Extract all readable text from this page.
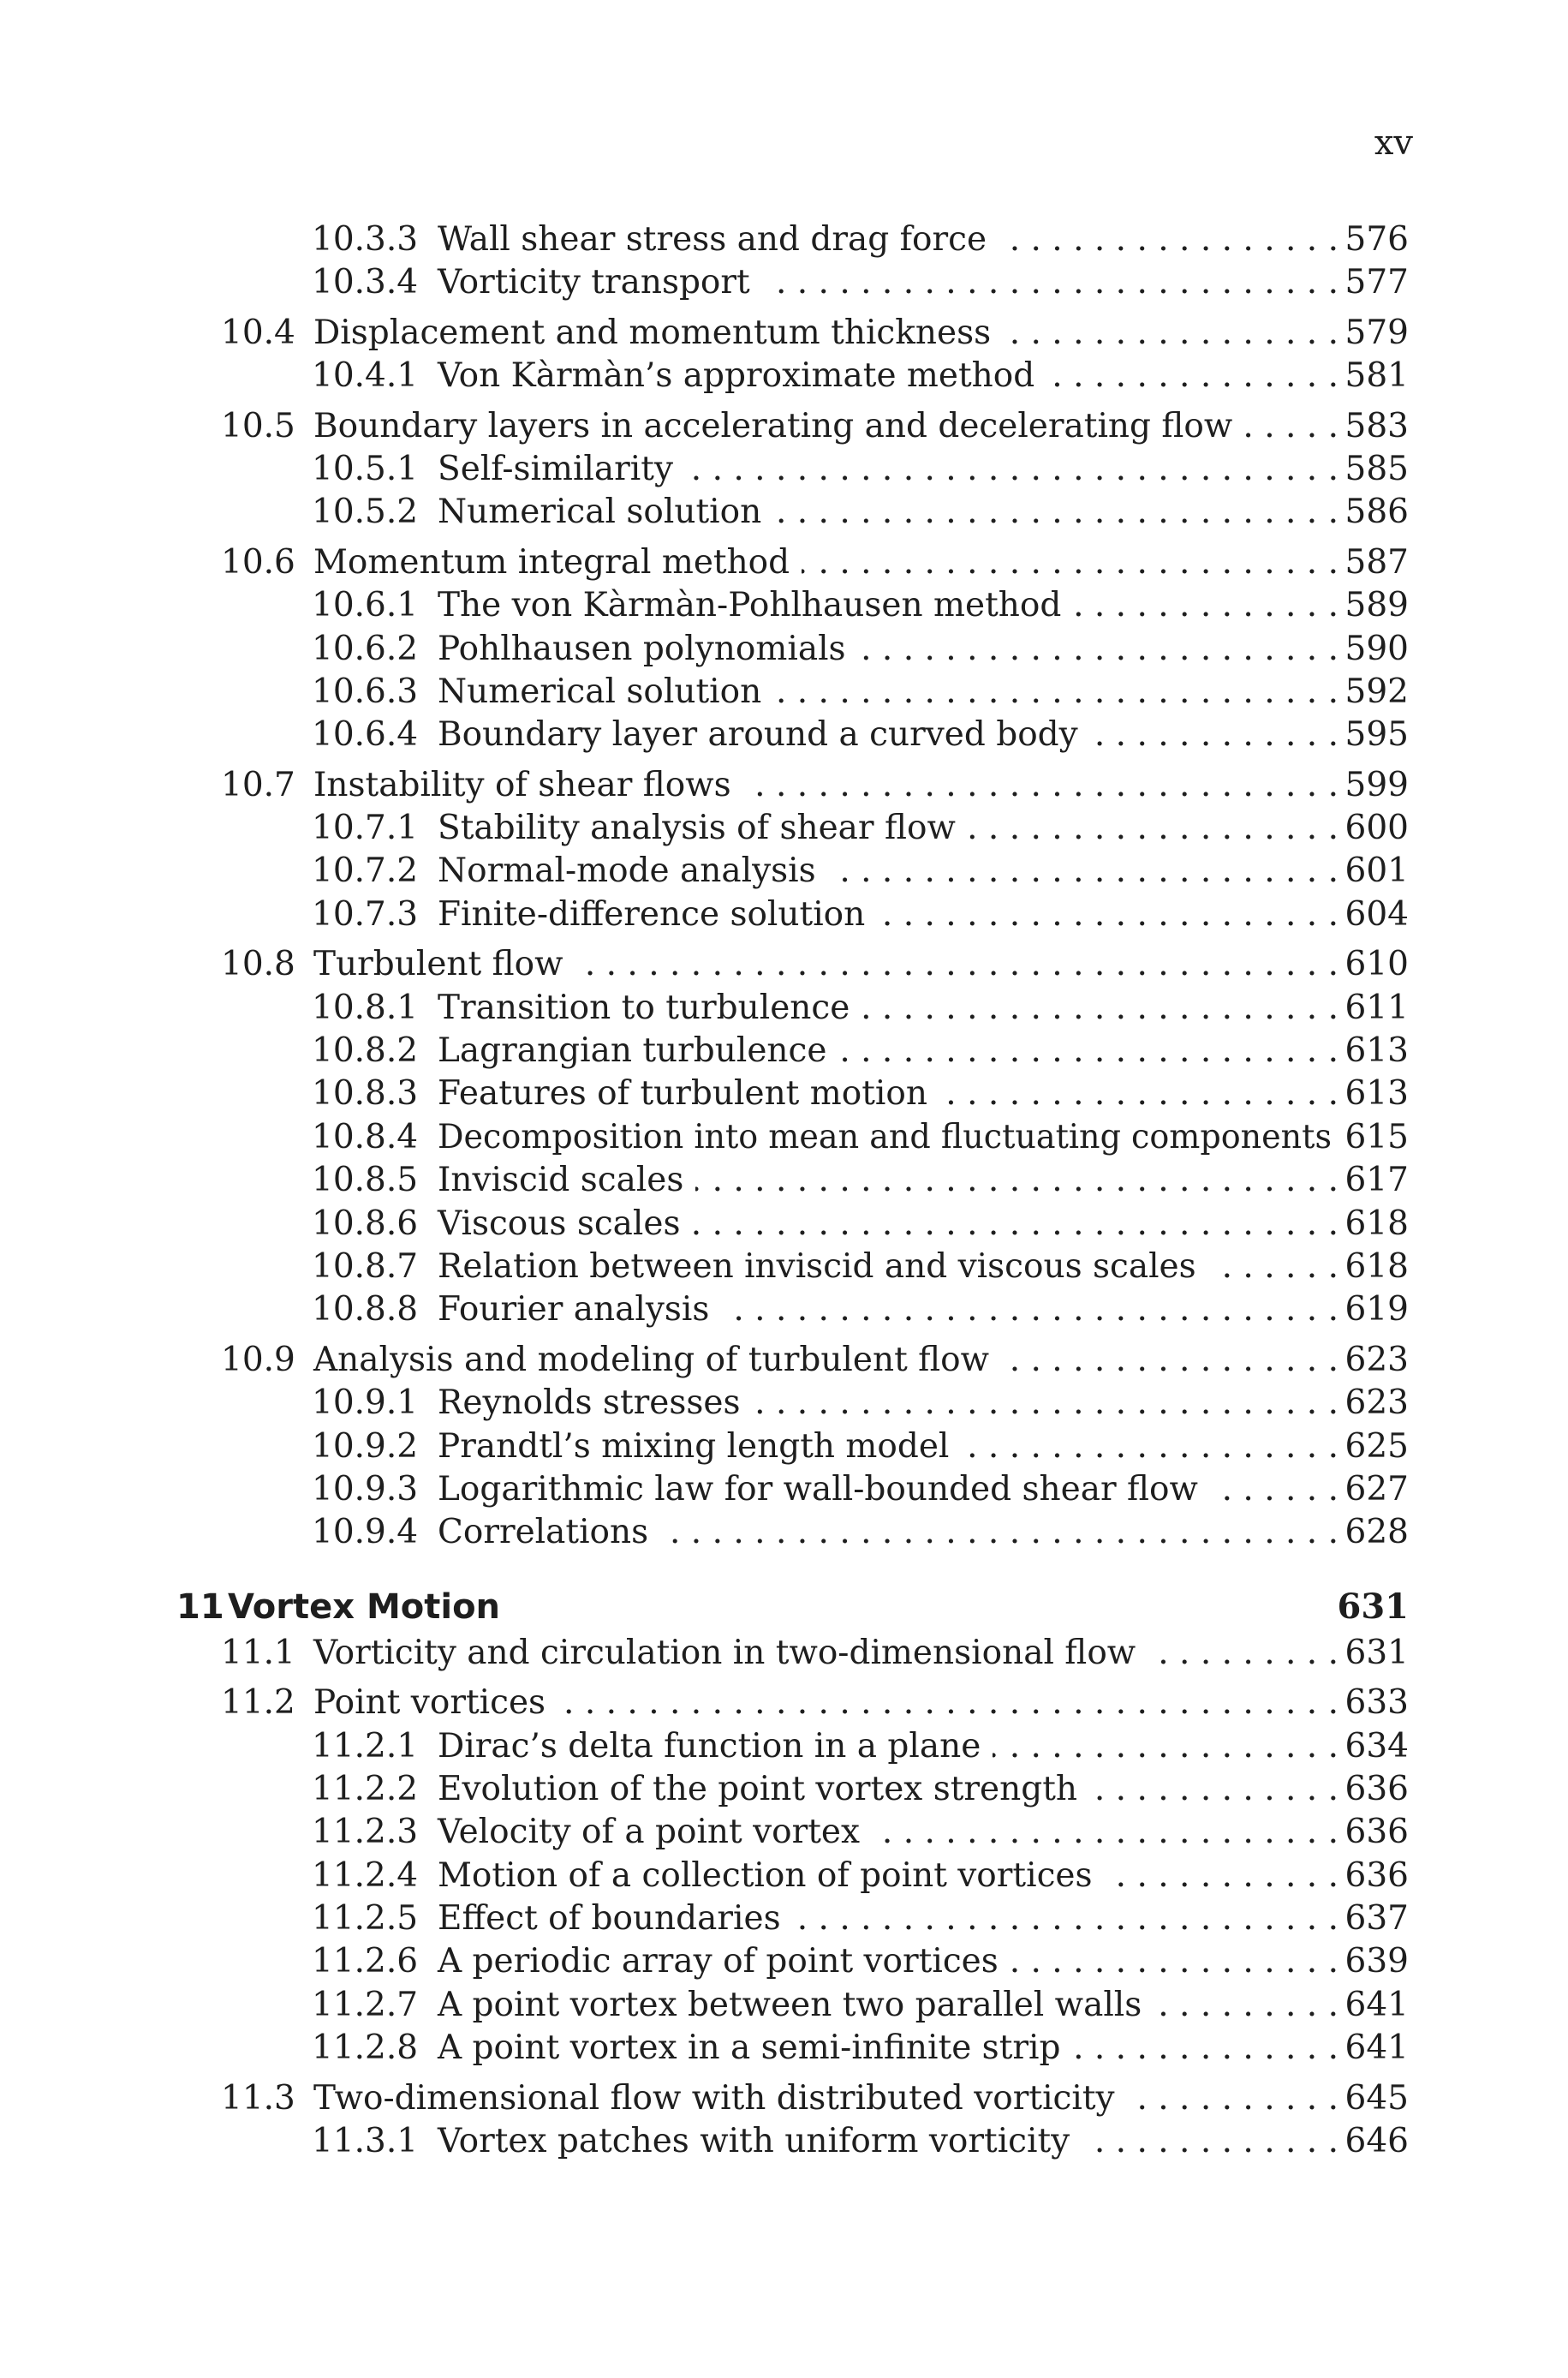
xv
10.3.3 Wall shear stress and drag force . . .	576
10.3.4 Vorticity transport . . .	577
10.4 Displacement and momentum thickness . . .	579
10.4.1 Von Kàrmàn’s approximate method . . .	581
10.5 Boundary layers in accelerating and decelerating flow . . .	583
10.5.1 Self-similarity . . .	585
10.5.2 Numerical solution . . .	586
10.6 Momentum integral method . . .	587
10.6.1 The von Kàrmàn-Pohlhausen method . . .	589
10.6.2 Pohlhausen polynomials . . .	590
10.6.3 Numerical solution . . .	592
10.6.4 Boundary layer around a curved body . . .	595
10.7 Instability of shear flows . . .	599
10.7.1 Stability analysis of shear flow . . .	600
10.7.2 Normal-mode analysis . . .	601
10.7.3 Finite-difference solution . . .	604
10.8 Turbulent flow . . .	610
10.8.1 Transition to turbulence . . .	611
10.8.2 Lagrangian turbulence . . .	613
10.8.3 Features of turbulent motion . . .	613
10.8.4 Decomposition into mean and fluctuating components 615
10.8.5 Inviscid scales . . .	617
10.8.6 Viscous scales . . .	618
10.8.7 Relation between inviscid and viscous scales . . .	618
10.8.8 Fourier analysis . . .	619
10.9 Analysis and modeling of turbulent flow . . .	623
10.9.1 Reynolds stresses . . .	623
10.9.2 Prandtl’s mixing length model . . .	625
10.9.3 Logarithmic law for wall-bounded shear flow . . .	627
10.9.4 Correlations . . .	628
11 Vortex Motion	631
11.1 Vorticity and circulation in two-dimensional flow . . .	631
11.2 Point vortices . . .	633
11.2.1 Dirac’s delta function in a plane . . .	634
11.2.2 Evolution of the point vortex strength . . .	636
11.2.3 Velocity of a point vortex . . .	636
11.2.4 Motion of a collection of point vortices . . .	636
11.2.5 Effect of boundaries . . .	637
11.2.6 A periodic array of point vortices . . .	639
11.2.7 A point vortex between two parallel walls . . .	641
11.2.8 A point vortex in a semi-infinite strip . . .	641
11.3 Two-dimensional flow with distributed vorticity . . .	645
11.3.1 Vortex patches with uniform vorticity . . .	646
